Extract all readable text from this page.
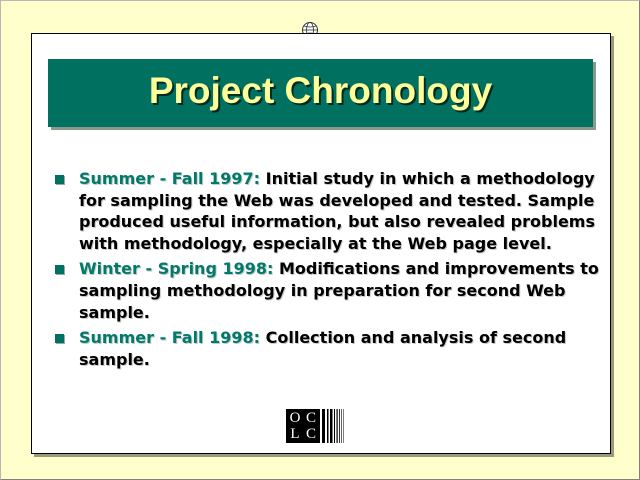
Project Chronology
Summer - Fall 1997: Initial study in which a methodology for sampling the Web was developed and tested. Sample produced useful information, but also revealed problems with methodology, especially at the Web page level.
Winter - Spring 1998: Modifications and improvements to sampling methodology in preparation for second Web sample.
Summer - Fall 1998: Collection and analysis of second sample.
O C
L C
